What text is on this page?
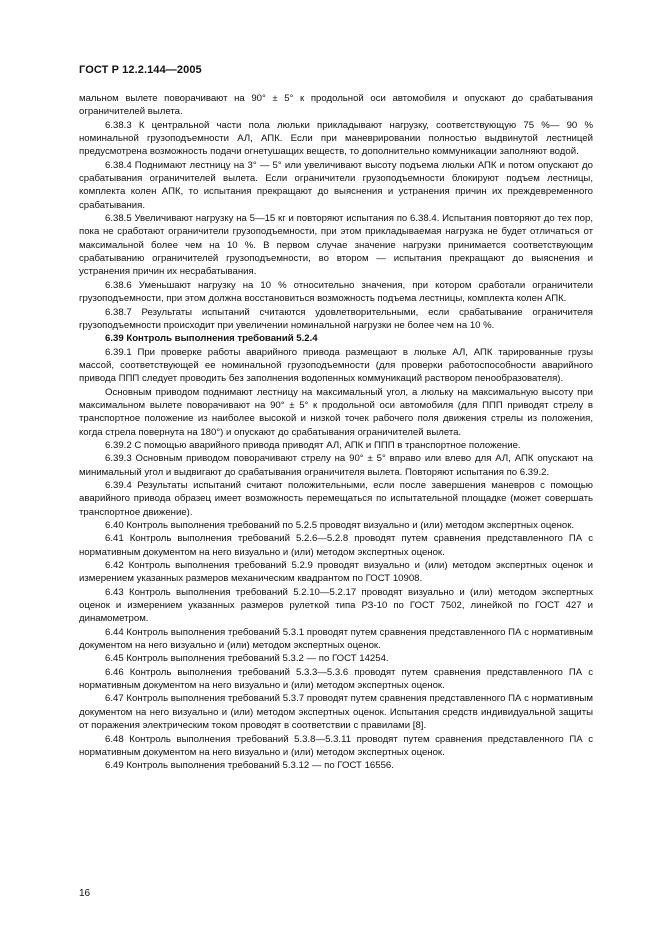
ГОСТ Р 12.2.144—2005

мальном вылете поворачивают на 90° ± 5° к продольной оси автомобиля и опускают до срабатывания ограничителей вылета.

6.38.3 К центральной части пола люльки прикладывают нагрузку, соответствующую 75 %— 90 % номинальной грузоподъемности АЛ, АПК. Если при маневрировании полностью выдвинутой лестницей предусмотрена возможность подачи огнетушащих веществ, то дополнительно коммуникации заполняют водой.

6.38.4 Поднимают лестницу на 3° — 5° или увеличивают высоту подъема люльки АПК и потом опускают до срабатывания ограничителей вылета. Если ограничители грузоподъемности блокируют подъем лестницы, комплекта колен АПК, то испытания прекращают до выяснения и устранения причин их преждевременного срабатывания.

6.38.5 Увеличивают нагрузку на 5—15 кг и повторяют испытания по 6.38.4. Испытания повторяют до тех пор, пока не сработают ограничители грузоподъемности, при этом прикладываемая нагрузка не будет отличаться от максимальной более чем на 10 %. В первом случае значение нагрузки принимается соответствующим срабатыванию ограничителей грузоподъемности, во втором — испытания прекращают до выяснения и устранения причин их несрабатывания.

6.38.6 Уменьшают нагрузку на 10 % относительно значения, при котором сработали ограничители грузоподъемности, при этом должна восстановиться возможность подъема лестницы, комплекта колен АПК.

6.38.7 Результаты испытаний считаются удовлетворительными, если срабатывание ограничителя грузоподъемности происходит при увеличении номинальной нагрузки не более чем на 10 %.

6.39 Контроль выполнения требований 5.2.4

6.39.1 При проверке работы аварийного привода размещают в люльке АЛ, АПК тарированные грузы массой, соответствующей ее номинальной грузоподъемности (для проверки работоспособности аварийного привода ППП следует проводить без заполнения водопенных коммуникаций раствором пенообразователя).

Основным приводом поднимают лестницу на максимальный угол, а люльку на максимальную высоту при максимальном вылете поворачивают на 90° ± 5° к продольной оси автомобиля (для ППП приводят стрелу в транспортное положение из наиболее высокой и низкой точек рабочего поля движения стрелы из положения, когда стрела повернута на 180°) и опускают до срабатывания ограничителей вылета.

6.39.2 С помощью аварийного привода приводят АЛ, АПК и ППП в транспортное положение.

6.39.3 Основным приводом поворачивают стрелу на 90° ± 5° вправо или влево для АЛ, АПК опускают на минимальный угол и выдвигают до срабатывания ограничителя вылета. Повторяют испытания по 6.39.2.

6.39.4 Результаты испытаний считают положительными, если после завершения маневров с помощью аварийного привода образец имеет возможность перемещаться по испытательной площадке (может совершать транспортное движение).

6.40 Контроль выполнения требований по 5.2.5 проводят визуально и (или) методом экспертных оценок.

6.41 Контроль выполнения требований 5.2.6—5.2.8 проводят путем сравнения представленного ПА с нормативным документом на него визуально и (или) методом экспертных оценок.

6.42 Контроль выполнения требований 5.2.9 проводят визуально и (или) методом экспертных оценок и измерением указанных размеров механическим квадрантом по ГОСТ 10908.

6.43 Контроль выполнения требований 5.2.10—5.2.17 проводят визуально и (или) методом экспертных оценок и измерением указанных размеров рулеткой типа РЗ-10 по ГОСТ 7502, линейкой по ГОСТ 427 и динамометром.

6.44 Контроль выполнения требований 5.3.1 проводят путем сравнения представленного ПА с нормативным документом на него визуально и (или) методом экспертных оценок.

6.45 Контроль выполнения требований 5.3.2 — по ГОСТ 14254.

6.46 Контроль выполнения требований 5.3.3—5.3.6 проводят путем сравнения представленного ПА с нормативным документом на него визуально и (или) методом экспертных оценок.

6.47 Контроль выполнения требований 5.3.7 проводят путем сравнения представленного ПА с нормативным документом на него визуально и (или) методом экспертных оценок. Испытания средств индивидуальной защиты от поражения электрическим током проводят в соответствии с правилами [8].

6.48 Контроль выполнения требований 5.3.8—5.3.11 проводят путем сравнения представленного ПА с нормативным документом на него визуально и (или) методом экспертных оценок.

6.49 Контроль выполнения требований 5.3.12 — по ГОСТ 16556.

16
